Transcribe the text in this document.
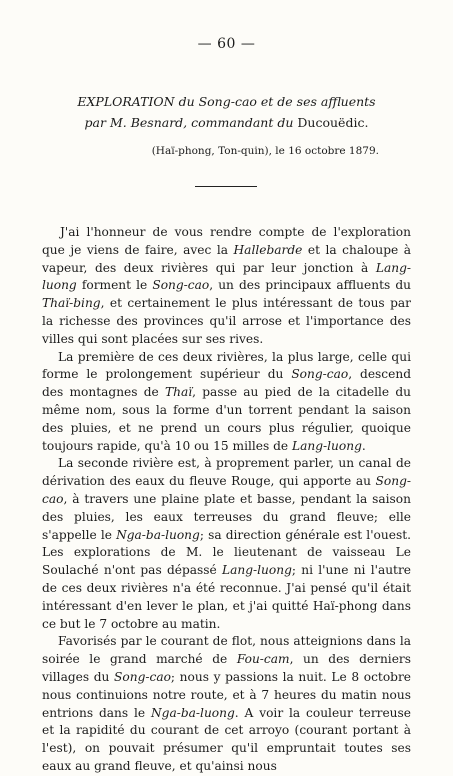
— 60 —
EXPLORATION du Song-cao et de ses affluents
par M. Besnard, commandant du Ducouëdic.
(Haï-phong, Ton-quin), le 16 octobre 1879.

J'ai l'honneur de vous rendre compte de l'exploration que je viens de faire, avec la Hallebarde et la chaloupe à vapeur, des deux rivières qui par leur jonction à Lang-luong forment le Song-cao, un des principaux affluents du Thaï-bing, et certainement le plus intéressant de tous par la richesse des provinces qu'il arrose et l'importance des villes qui sont placées sur ses rives.

La première de ces deux rivières, la plus large, celle qui forme le prolongement supérieur du Song-cao, descend des montagnes de Thaï, passe au pied de la citadelle du même nom, sous la forme d'un torrent pendant la saison des pluies, et ne prend un cours plus régulier, quoique toujours rapide, qu'à 10 ou 15 milles de Lang-luong.

La seconde rivière est, à proprement parler, un canal de dérivation des eaux du fleuve Rouge, qui apporte au Song-cao, à travers une plaine plate et basse, pendant la saison des pluies, les eaux terreuses du grand fleuve; elle s'appelle le Nga-ba-luong; sa direction générale est l'ouest. Les explorations de M. le lieutenant de vaisseau Le Soulaché n'ont pas dépassé Lang-luong; ni l'une ni l'autre de ces deux rivières n'a été reconnue. J'ai pensé qu'il était intéressant d'en lever le plan, et j'ai quitté Haï-phong dans ce but le 7 octobre au matin.

Favorisés par le courant de flot, nous atteignions dans la soirée le grand marché de Fou-cam, un des derniers villages du Song-cao; nous y passions la nuit. Le 8 octobre nous continuions notre route, et à 7 heures du matin nous entrions dans le Nga-ba-luong. A voir la couleur terreuse et la rapidité du courant de cet arroyo (courant portant à l'est), on pouvait présumer qu'il empruntait toutes ses eaux au grand fleuve, et qu'ainsi nous
